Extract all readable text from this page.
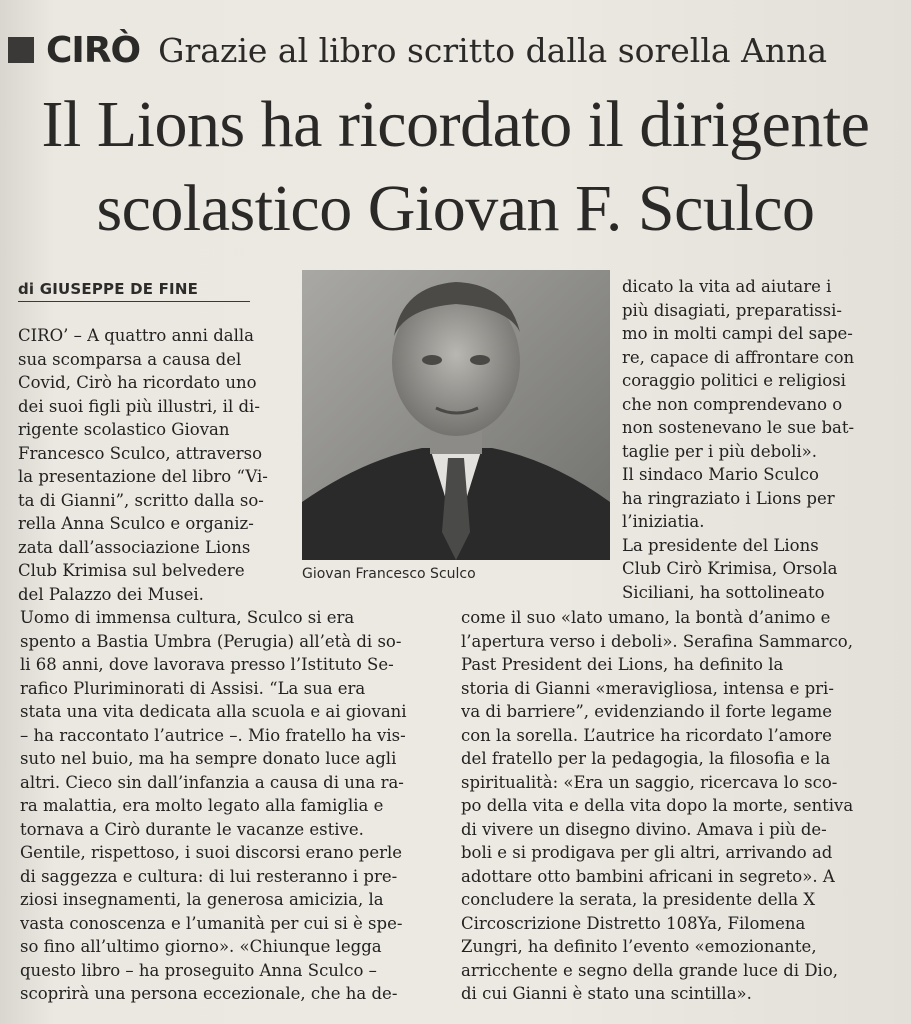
CIRÒ Grazie al libro scritto dalla sorella Anna
Il Lions ha ricordato il dirigente
scolastico Giovan F. Sculco
di GIUSEPPE DE FINE
Giovan Francesco Sculco
CIRO’ – A quattro anni dalla
sua scomparsa a causa del
Covid, Cirò ha ricordato uno
dei suoi figli più illustri, il di-
rigente scolastico Giovan
Francesco Sculco, attraverso
la presentazione del libro “Vi-
ta di Gianni”, scritto dalla so-
rella Anna Sculco e organiz-
zata dall’associazione Lions
Club Krimisa sul belvedere
del Palazzo dei Musei.
dicato la vita ad aiutare i
più disagiati, preparatissi-
mo in molti campi del sape-
re, capace di affrontare con
coraggio politici e religiosi
che non comprendevano o
non sostenevano le sue bat-
taglie per i più deboli».
Il sindaco Mario Sculco
ha ringraziato i Lions per
l’iniziatia.
La presidente del Lions
Club Cirò Krimisa, Orsola
Siciliani, ha sottolineato
Uomo di immensa cultura, Sculco si era
spento a Bastia Umbra (Perugia) all’età di so-
li 68 anni, dove lavorava presso l’Istituto Se-
rafico Pluriminorati di Assisi. “La sua era
stata una vita dedicata alla scuola e ai giovani
– ha raccontato l’autrice –. Mio fratello ha vis-
suto nel buio, ma ha sempre donato luce agli
altri. Cieco sin dall’infanzia a causa di una ra-
ra malattia, era molto legato alla famiglia e
tornava a Cirò durante le vacanze estive.
Gentile, rispettoso, i suoi discorsi erano perle
di saggezza e cultura: di lui resteranno i pre-
ziosi insegnamenti, la generosa amicizia, la
vasta conoscenza e l’umanità per cui si è spe-
so fino all’ultimo giorno». «Chiunque legga
questo libro – ha proseguito Anna Sculco –
scoprirà una persona eccezionale, che ha de-
come il suo «lato umano, la bontà d’animo e
l’apertura verso i deboli». Serafina Sammarco,
Past President dei Lions, ha definito la
storia di Gianni «meravigliosa, intensa e pri-
va di barriere”, evidenziando il forte legame
con la sorella. L’autrice ha ricordato l’amore
del fratello per la pedagogia, la filosofia e la
spiritualità: «Era un saggio, ricercava lo sco-
po della vita e della vita dopo la morte, sentiva
di vivere un disegno divino. Amava i più de-
boli e si prodigava per gli altri, arrivando ad
adottare otto bambini africani in segreto». A
concludere la serata, la presidente della X
Circoscrizione Distretto 108Ya, Filomena
Zungri, ha definito l’evento «emozionante,
arricchente e segno della grande luce di Dio,
di cui Gianni è stato una scintilla».
